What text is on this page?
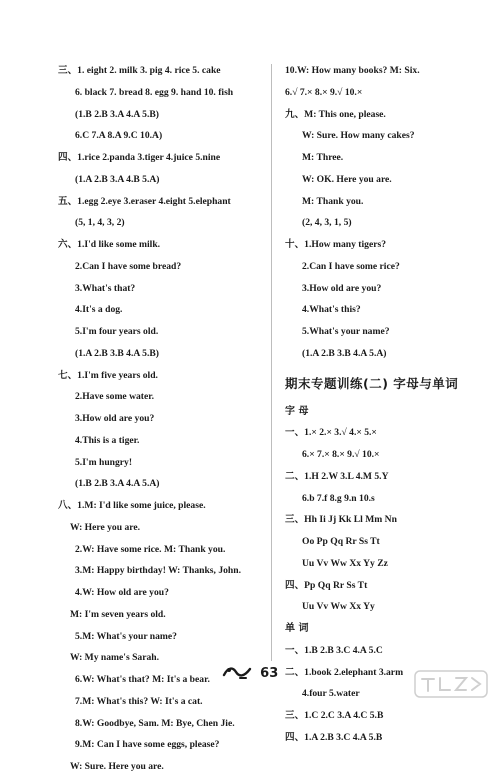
三、1. eight 2. milk 3. pig 4. rice 5. cake
6. black 7. bread 8. egg 9. hand 10. fish
(1.B 2.B 3.A 4.A 5.B)
6.C 7.A 8.A 9.C 10.A)
四、1.rice 2.panda 3.tiger 4.juice 5.nine
(1.A 2.B 3.A 4.B 5.A)
五、1.egg 2.eye 3.eraser 4.eight 5.elephant
(5, 1, 4, 3, 2)
六、1.I'd like some milk.
2.Can I have some bread?
3.What's that?
4.It's a dog.
5.I'm four years old.
(1.A 2.B 3.B 4.A 5.B)
七、1.I'm five years old.
2.Have some water.
3.How old are you?
4.This is a tiger.
5.I'm hungry!
(1.B 2.B 3.A 4.A 5.A)
八、1.M: I'd like some juice, please.
W: Here you are.
2.W: Have some rice. M: Thank you.
3.M: Happy birthday! W: Thanks, John.
4.W: How old are you?
M: I'm seven years old.
5.M: What's your name?
W: My name's Sarah.
6.W: What's that? M: It's a bear.
7.M: What's this? W: It's a cat.
8.W: Goodbye, Sam. M: Bye, Chen Jie.
9.M: Can I have some eggs, please?
W: Sure. Here you are.
10.W: How many books? M: Six.
6.√ 7.× 8.× 9.√ 10.×
九、M: This one, please.
W: Sure. How many cakes?
M: Three.
W: OK. Here you are.
M: Thank you.
(2, 4, 3, 1, 5)
十、1.How many tigers?
2.Can I have some rice?
3.How old are you?
4.What's this?
5.What's your name?
(1.A 2.B 3.B 4.A 5.A)
期末专题训练(二) 字母与单词
字 母
一、1.× 2.× 3.√ 4.× 5.×
6.× 7.× 8.× 9.√ 10.×
二、1.H 2.W 3.L 4.M 5.Y
6.b 7.f 8.g 9.n 10.s
三、Hh Ii Jj Kk Ll Mm Nn
Oo Pp Qq Rr Ss Tt
Uu Vv Ww Xx Yy Zz
四、Pp Qq Rr Ss Tt
Uu Vv Ww Xx Yy
单 词
一、1.B 2.B 3.C 4.A 5.C
二、1.book 2.elephant 3.arm
4.four 5.water
三、1.C 2.C 3.A 4.C 5.B
四、1.A 2.B 3.C 4.A 5.B
63
